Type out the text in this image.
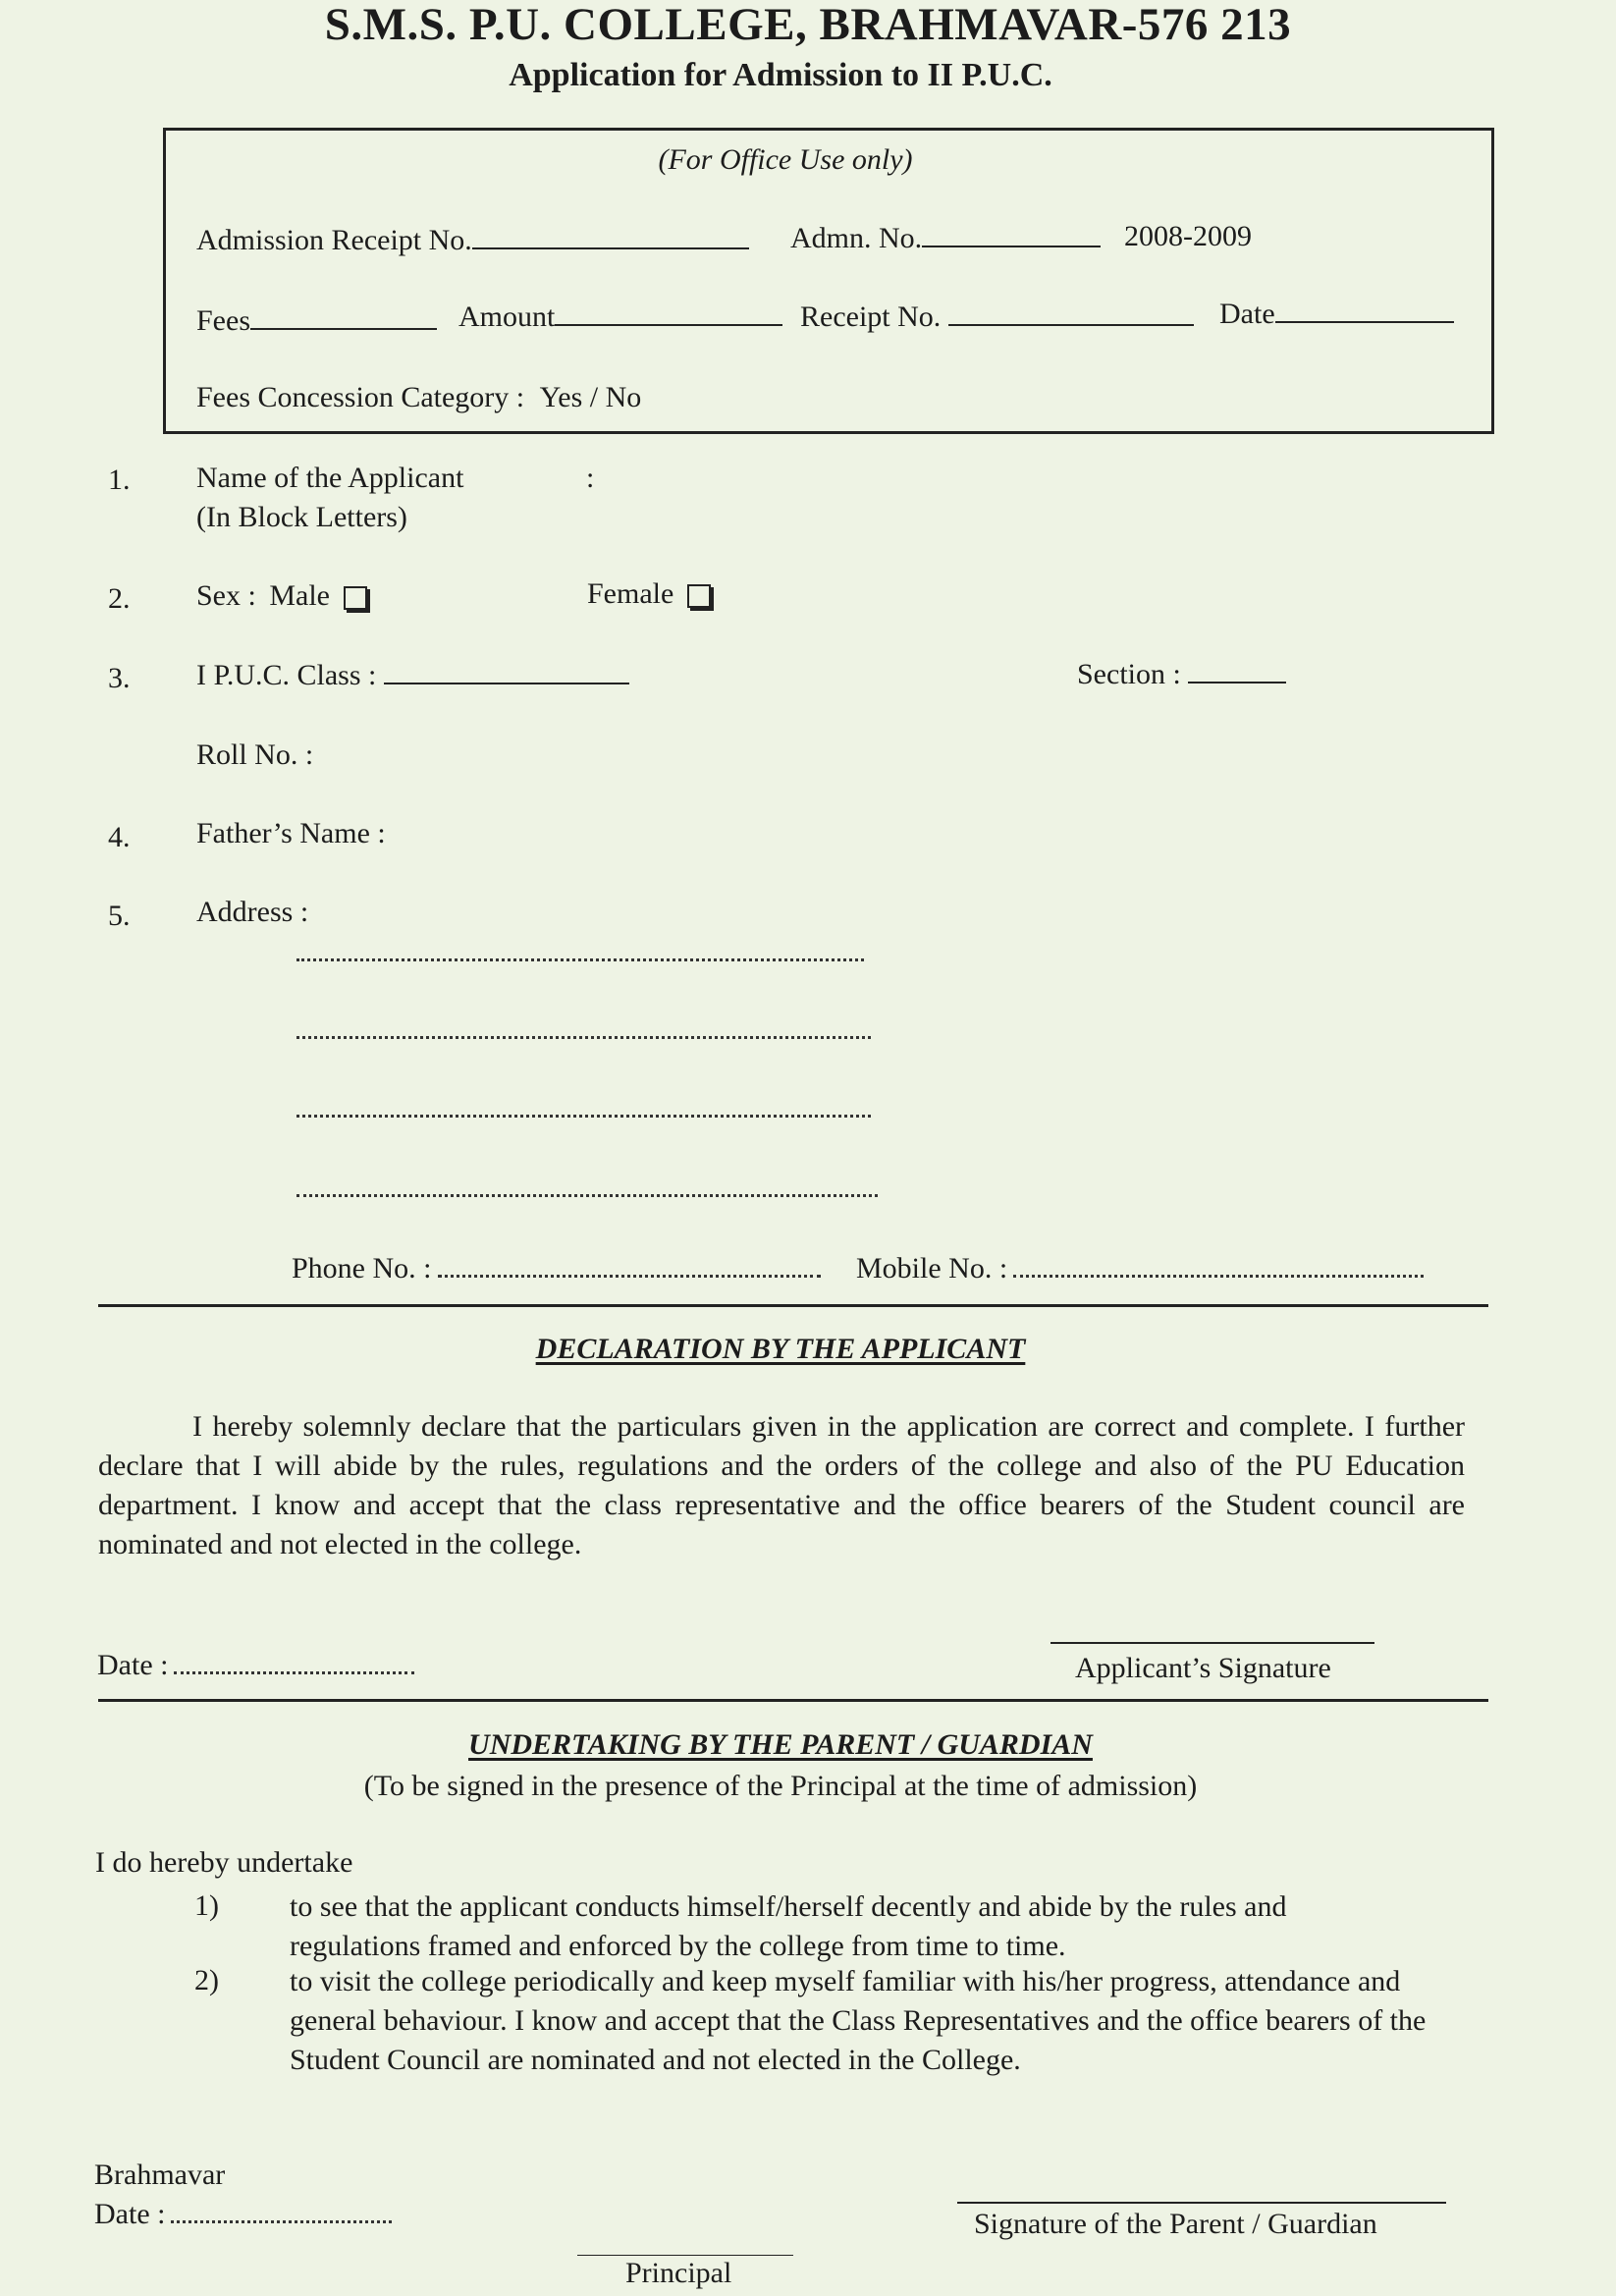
S.M.S. P.U. COLLEGE, BRAHMAVAR-576 213
Application for Admission to II P.U.C.
(For Office Use only)
Admission Receipt No.	Admn. No.	2008-2009
Fees	Amount	Receipt No.	Date
Fees Concession Category : Yes / No
1. Name of the Applicant	:
(In Block Letters)
2. Sex : Male	Female
3. I P.U.C. Class :	Section :
Roll No. :
4. Father’s Name :
5. Address :
Phone No. :	Mobile No. :
DECLARATION BY THE APPLICANT
I hereby solemnly declare that the particulars given in the application are correct and complete. I further declare that I will abide by the rules, regulations and the orders of the college and also of the PU Education department. I know and accept that the class representative and the office bearers of the Student council are nominated and not elected in the college.
Date :	Applicant’s Signature
UNDERTAKING BY THE PARENT / GUARDIAN
(To be signed in the presence of the Principal at the time of admission)
I do hereby undertake
1) to see that the applicant conducts himself/herself decently and abide by the rules and regulations framed and enforced by the college from time to time.
2) to visit the college periodically and keep myself familiar with his/her progress, attendance and general behaviour. I know and accept that the Class Representatives and the office bearers of the Student Council are nominated and not elected in the College.
Brahmavar
Date :	Signature of the Parent / Guardian
Principal
